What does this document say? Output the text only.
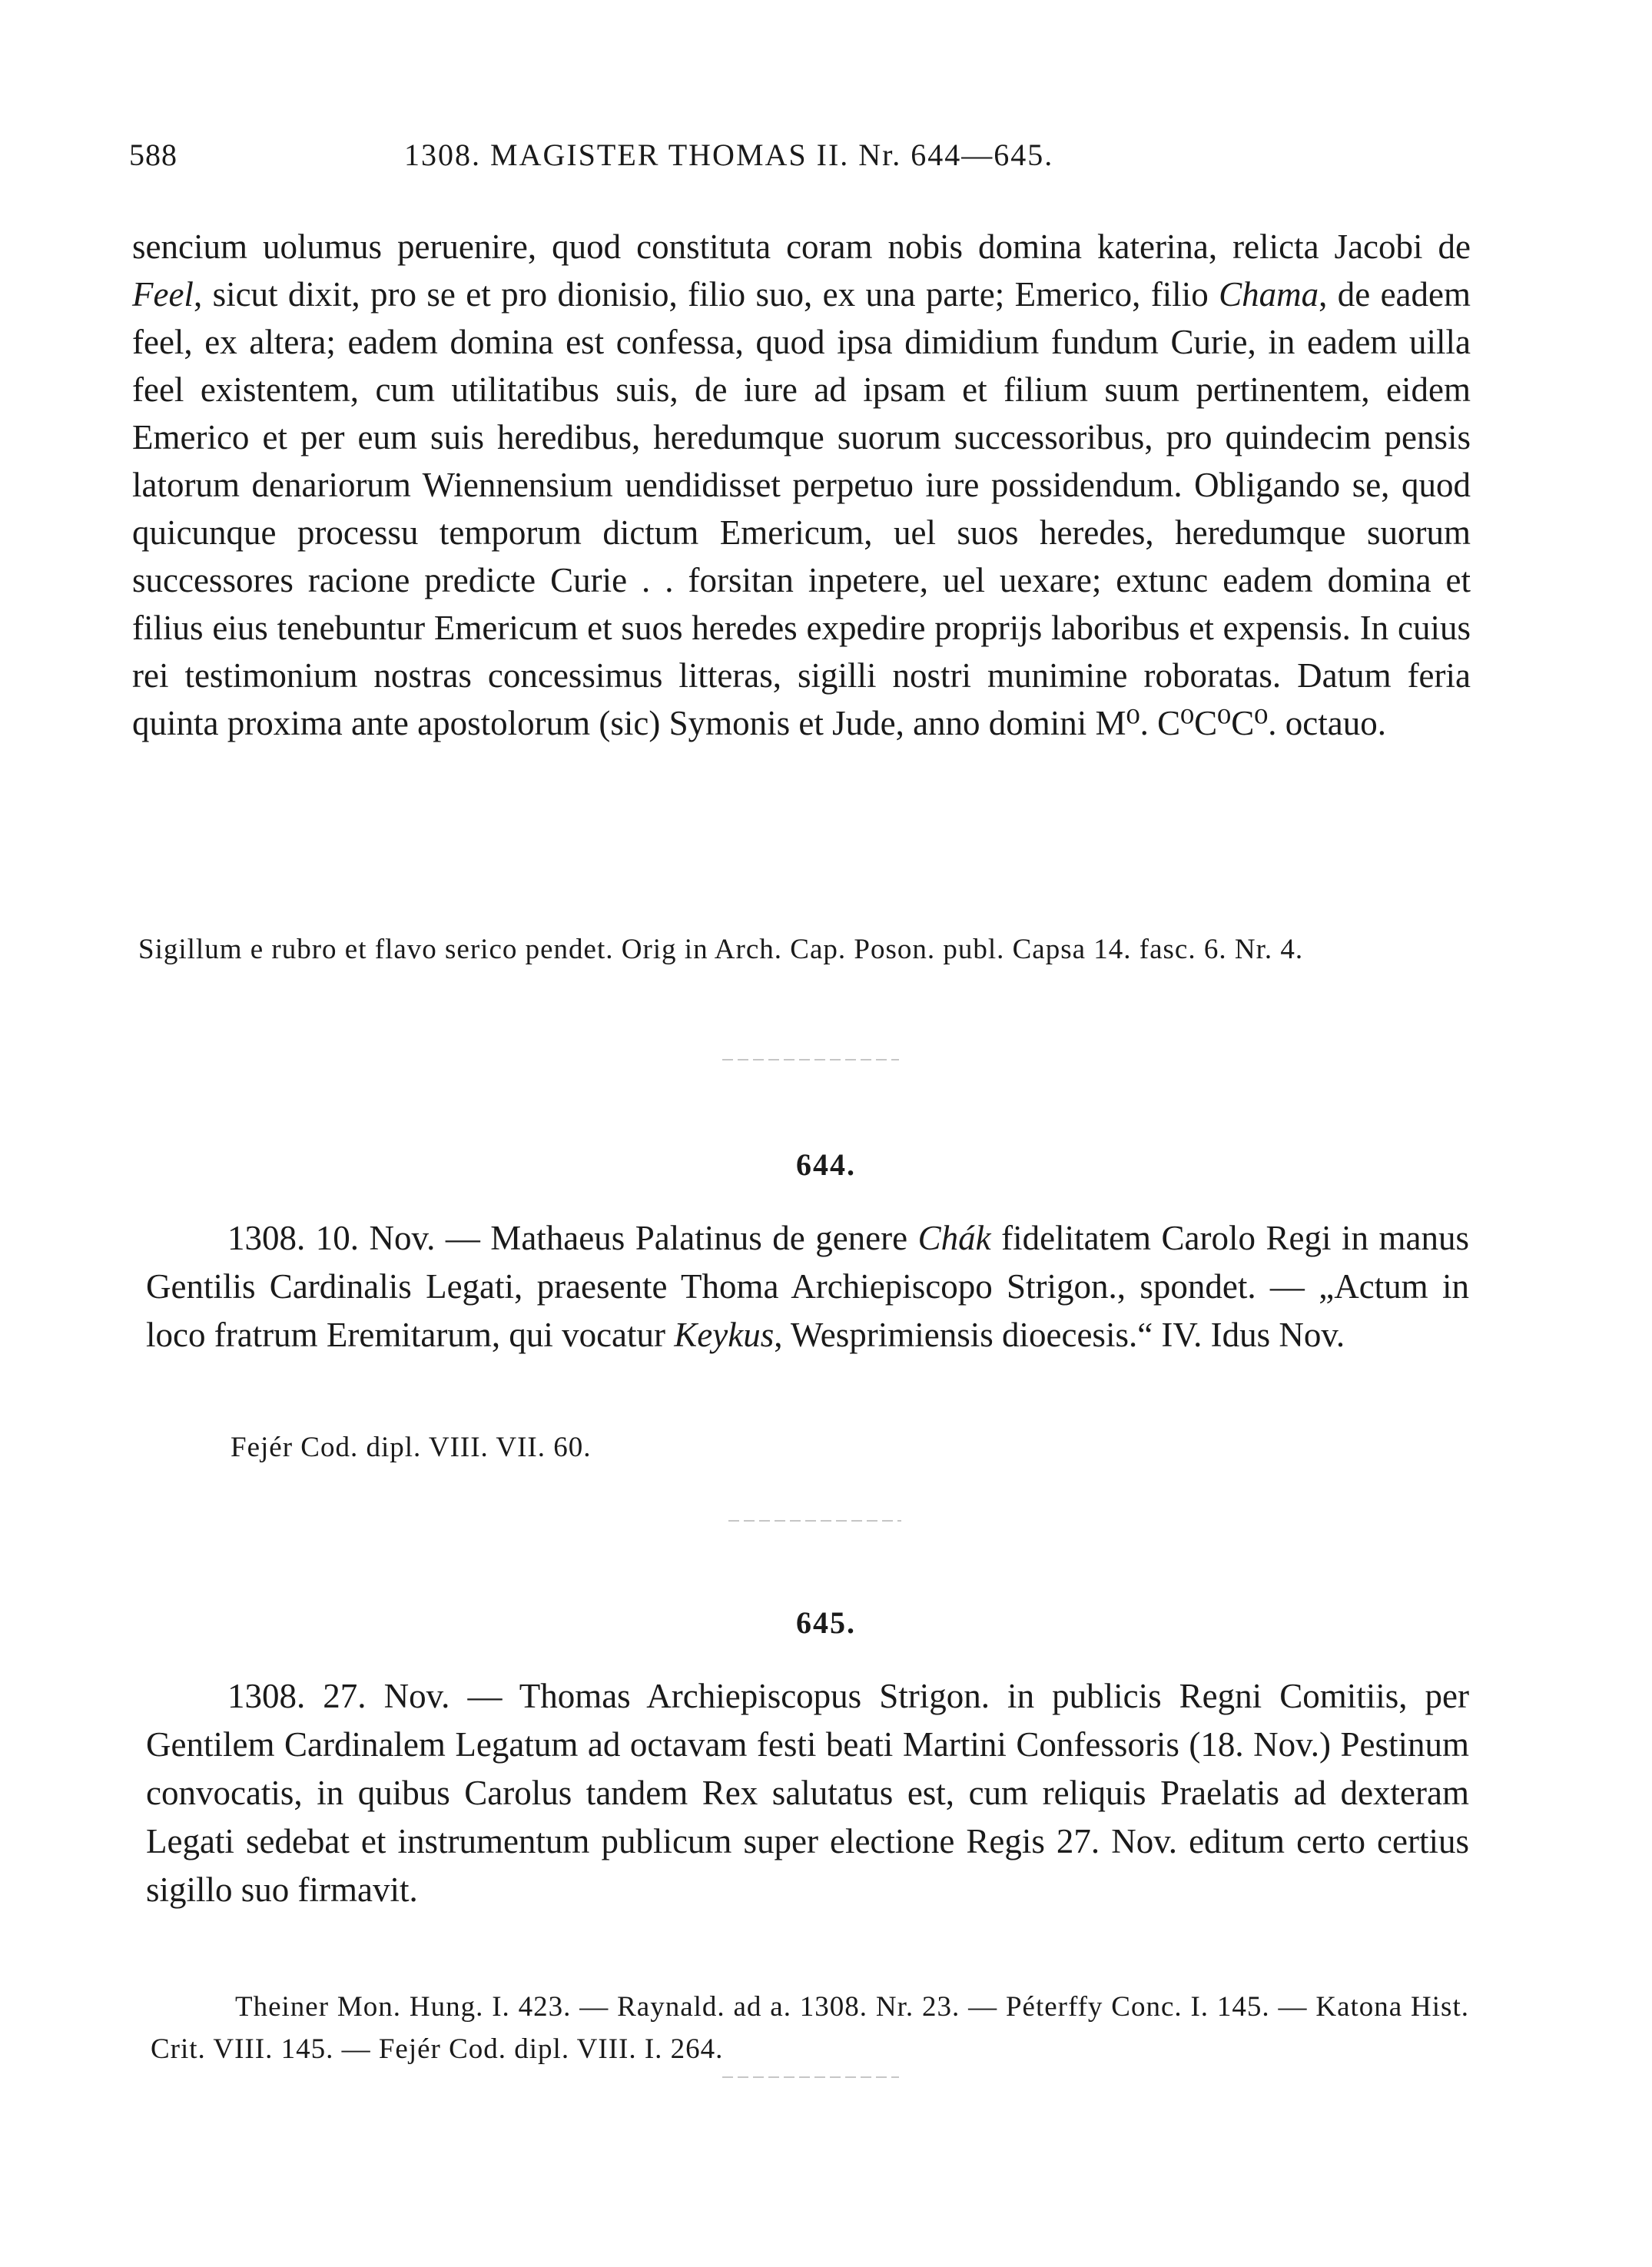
588	1308. MAGISTER THOMAS II. Nr. 644—645.
sencium uolumus peruenire, quod constituta coram nobis domina katerina, relicta Jacobi de Feel, sicut dixit, pro se et pro dionisio, filio suo, ex una parte; Emerico, filio Chama, de eadem feel, ex altera; eadem domina est confessa, quod ipsa dimidium fundum Curie, in eadem uilla feel existentem, cum utilitatibus suis, de iure ad ipsam et filium suum pertinentem, eidem Emerico et per eum suis heredibus, heredumque suorum successoribus, pro quindecim pensis latorum denariorum Wiennensium uendidisset perpetuo iure possidendum. Obligando se, quod quicunque processu temporum dictum Emericum, uel suos heredes, heredumque suorum successores racione predicte Curie . . forsitan inpetere, uel uexare; extunc eadem domina et filius eius tenebuntur Emericum et suos heredes expedire proprijs laboribus et expensis. In cuius rei testimonium nostras concessimus litteras, sigilli nostri munimine roboratas. Datum feria quinta proxima ante apostolorum (sic) Symonis et Jude, anno domini M⁰. C⁰C⁰C⁰. octauo.
Sigillum e rubro et flavo serico pendet. Orig in Arch. Cap. Poson. publ. Capsa 14. fasc. 6. Nr. 4.
644.
1308. 10. Nov. — Mathaeus Palatinus de genere Chák fidelitatem Carolo Regi in manus Gentilis Cardinalis Legati, praesente Thoma Archiepiscopo Strigon., spondet. — „Actum in loco fratrum Eremitarum, qui vocatur Keykus, Wesprimiensis dioecesis.“ IV. Idus Nov.
Fejér Cod. dipl. VIII. VII. 60.
645.
1308. 27. Nov. — Thomas Archiepiscopus Strigon. in publicis Regni Comitiis, per Gentilem Cardinalem Legatum ad octavam festi beati Martini Confessoris (18. Nov.) Pestinum convocatis, in quibus Carolus tandem Rex salutatus est, cum reliquis Praelatis ad dexteram Legati sedebat et instrumentum publicum super electione Regis 27. Nov. editum certo certius sigillo suo firmavit.
Theiner Mon. Hung. I. 423. — Raynald. ad a. 1308. Nr. 23. — Péterffy Conc. I. 145. — Katona Hist. Crit. VIII. 145. — Fejér Cod. dipl. VIII. I. 264.
